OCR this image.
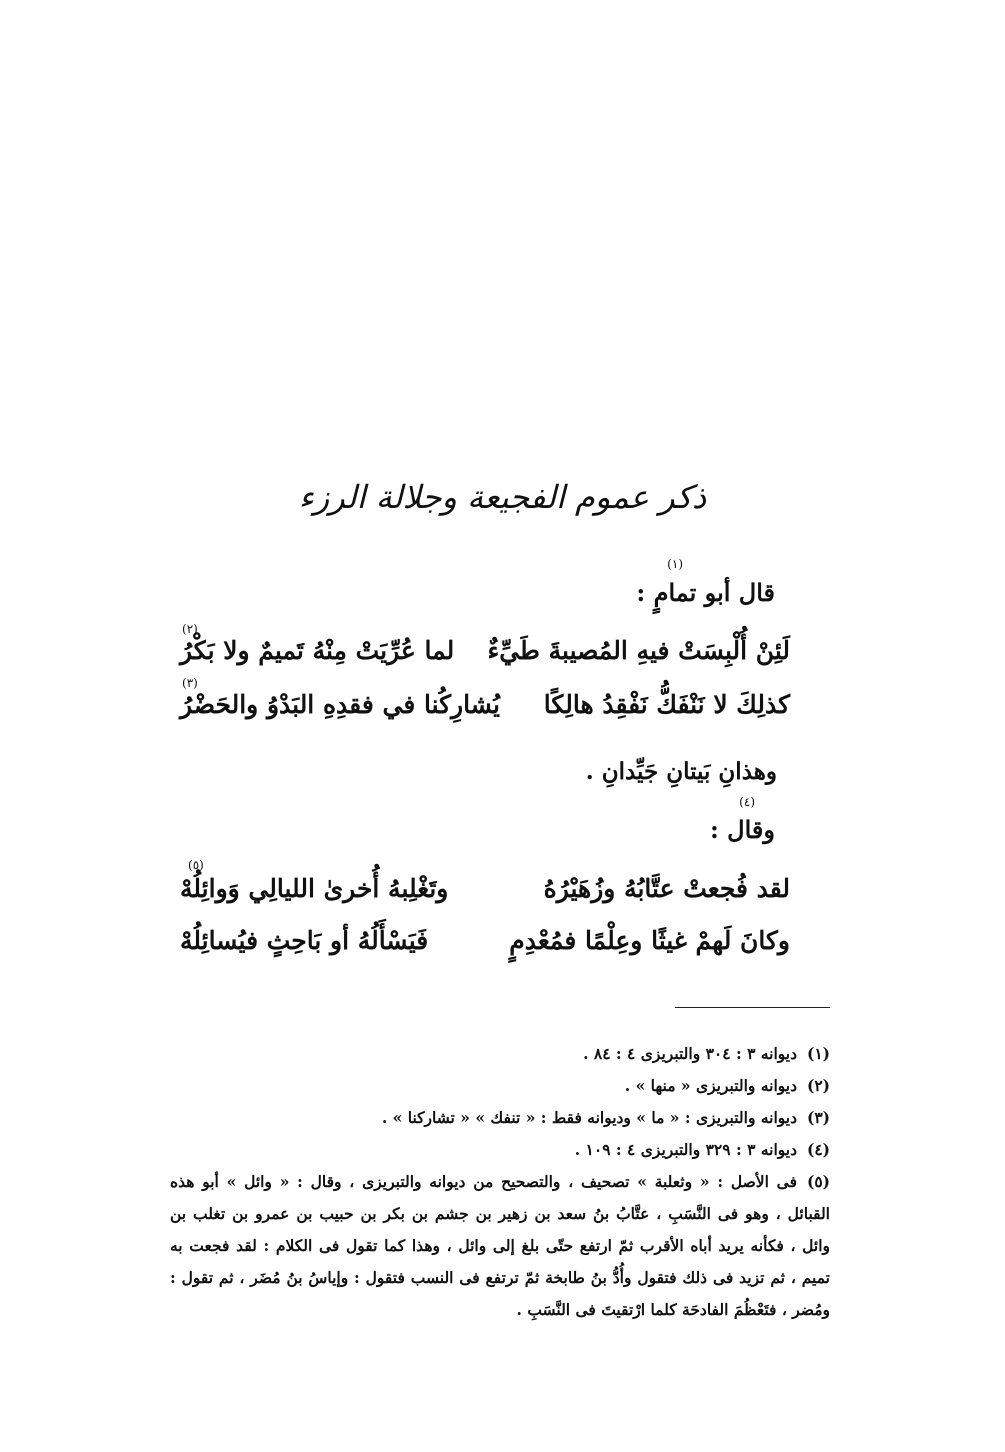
ذكر عموم الفجيعة وجلالة الرزء
قال أبو تمامٍ :
(١)
لَئِنْ أُلْبِسَتْ فيهِ المُصيبةَ طَيِّءٌ
لما عُرِّيَتْ مِنْهُ تَميمٌ ولا بَكْرُ
(٢)
كذلِكَ لا نَنْفَكُّ نَفْقِدُ هالِكًا
يُشارِكُنا في فقدِهِ البَدْوُ والحَضْرُ
(٣)
وهذانِ بَيتانِ جَيِّدانِ .
وقال :
(٤)
لقد فُجعتْ عتَّابُهُ وزُهَيْرُهُ
وتَغْلِبهُ أُخرىٰ الليالِي وَوائِلُهْ
(٥)
وكانَ لَهمْ غيثًا وعِلْمًا فمُعْدِمٍ
فَيَسْأَلُهُ أو بَاحِثٍ فيُسائِلُهْ

(١)ديوانه ٣ : ٣٠٤ والتبريزى ٤ : ٨٤ .

(٢)ديوانه والتبريزى « منها » .

(٣)ديوانه والتبريزى : « ما » وديوانه فقط : « تنفك » « تشاركنا » .

(٤)ديوانه ٣ : ٣٢٩ والتبريزى ٤ : ١٠٩ .

(٥)فى الأصل : « وثعلبة » تصحيف ، والتصحيح من ديوانه والتبريزى ، وقال : « وائل » أبو هذه القبائل ، وهو فى النَّسَبِ ، عتَّابُ بنُ سعد بن زهير بن جشم بن بكر بن حبيب بن عمرو بن تغلب بن وائل ، فكأنه يريد أباه الأقرب ثمّ ارتفع حتّى بلغ إلى وائل ، وهذا كما تقول فى الكلام : لقد فجعت به تميم ، ثم تزيد فى ذلك فتقول وأُدُّ بنُ طابخة ثمّ ترتفع فى النسب فتقول : وإياسُ بنُ مُضَر ، ثم تقول : ومُضر ، فتَعْظُمَ الفادحَة كلما ارْتقيتَ فى النَّسَبِ .
